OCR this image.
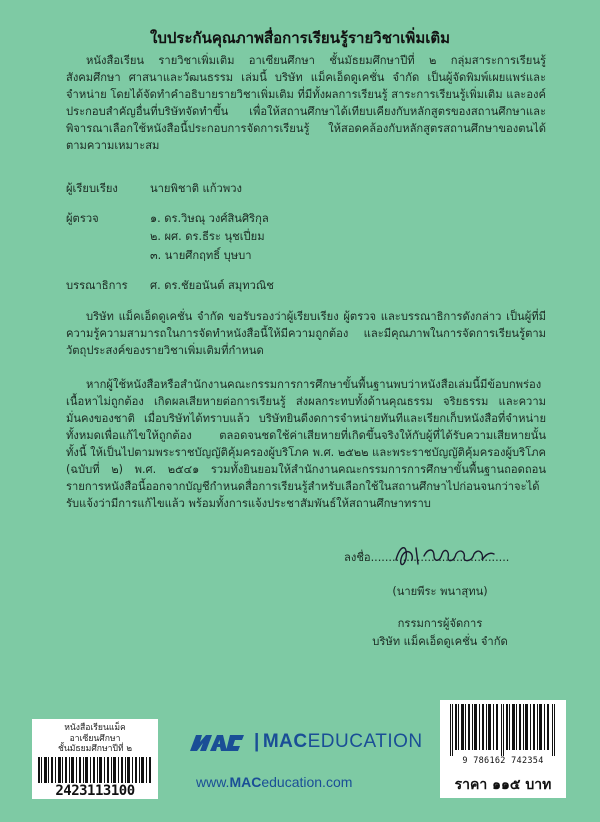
ใบประกันคุณภาพสื่อการเรียนรู้รายวิชาเพิ่มเติม
หนังสือเรียน รายวิชาเพิ่มเติม อาเซียนศึกษา ชั้นมัธยมศึกษาปีที่ ๒ กลุ่มสาระการเรียนรู้สังคมศึกษา ศาสนาและวัฒนธรรม เล่มนี้ บริษัท แม็คเอ็ดดูเคชั่น จำกัด เป็นผู้จัดพิมพ์เผยแพร่และจำหน่าย โดยได้จัดทำคำอธิบายรายวิชาเพิ่มเติม ที่มีทั้งผลการเรียนรู้ สาระการเรียนรู้เพิ่มเติม และองค์ประกอบสำคัญอื่นที่บริษัทจัดทำขึ้น เพื่อให้สถานศึกษาได้เทียบเคียงกับหลักสูตรของสถานศึกษาและพิจารณาเลือกใช้หนังสือนี้ประกอบการจัดการเรียนรู้ ให้สอดคล้องกับหลักสูตรสถานศึกษาของตนได้ตามความเหมาะสม
ผู้เรียบเรียง	นายพิชาติ แก้วพวง
ผู้ตรวจ	๑. ดร.วิษณุ วงศ์สินศิริกุล
๒. ผศ. ดร.ธีระ นุชเปี่ยม
๓. นายศึกฤทธิ์ บุษบา
บรรณาธิการ ศ. ดร.ชัยอนันต์ สมุทวณิช
บริษัท แม็คเอ็ดดูเคชั่น จำกัด ขอรับรองว่าผู้เรียบเรียง ผู้ตรวจ และบรรณาธิการดังกล่าว เป็นผู้ที่มีความรู้ความสามารถในการจัดทำหนังสือนี้ให้มีความถูกต้อง และมีคุณภาพในการจัดการเรียนรู้ตามวัตถุประสงค์ของรายวิชาเพิ่มเติมที่กำหนด
หากผู้ใช้หนังสือหรือสำนักงานคณะกรรมการการศึกษาขั้นพื้นฐานพบว่าหนังสือเล่มนี้มีข้อบกพร่อง เนื้อหาไม่ถูกต้อง เกิดผลเสียหายต่อการเรียนรู้ ส่งผลกระทบทั้งด้านคุณธรรม จริยธรรม และความมั่นคงของชาติ เมื่อบริษัทได้ทราบแล้ว บริษัทยินดีงดการจำหน่ายทันทีและเรียกเก็บหนังสือที่จำหน่ายทั้งหมดเพื่อแก้ไขให้ถูกต้อง ตลอดจนชดใช้ค่าเสียหายที่เกิดขึ้นจริงให้กับผู้ที่ได้รับความเสียหายนั้น ทั้งนี้ ให้เป็นไปตามพระราชบัญญัติคุ้มครองผู้บริโภค พ.ศ. ๒๕๒๒ และพระราชบัญญัติคุ้มครองผู้บริโภค (ฉบับที่ ๒) พ.ศ. ๒๕๔๑ รวมทั้งยินยอมให้สำนักงานคณะกรรมการการศึกษาขั้นพื้นฐานถอดถอนรายการหนังสือนี้ออกจากบัญชีกำหนดสื่อการเรียนรู้สำหรับเลือกใช้ในสถานศึกษาไปก่อนจนกว่าจะได้รับแจ้งว่ามีการแก้ไขแล้ว พร้อมทั้งการแจ้งประชาสัมพันธ์ให้สถานศึกษาทราบ
ลงชื่อ.......................................
(นายพีระ พนาสุทน)
กรรมการผู้จัดการ
บริษัท แม็คเอ็ดดูเคชั่น จำกัด
หนังสือเรียนแม็ค
อาเซียนศึกษา
ชั้นมัธยมศึกษาปีที่ ๒
2423113100
| MACEDUCATION
www.MACeducation.com
9 786162 742354
ราคา ๑๑๕ บาท
